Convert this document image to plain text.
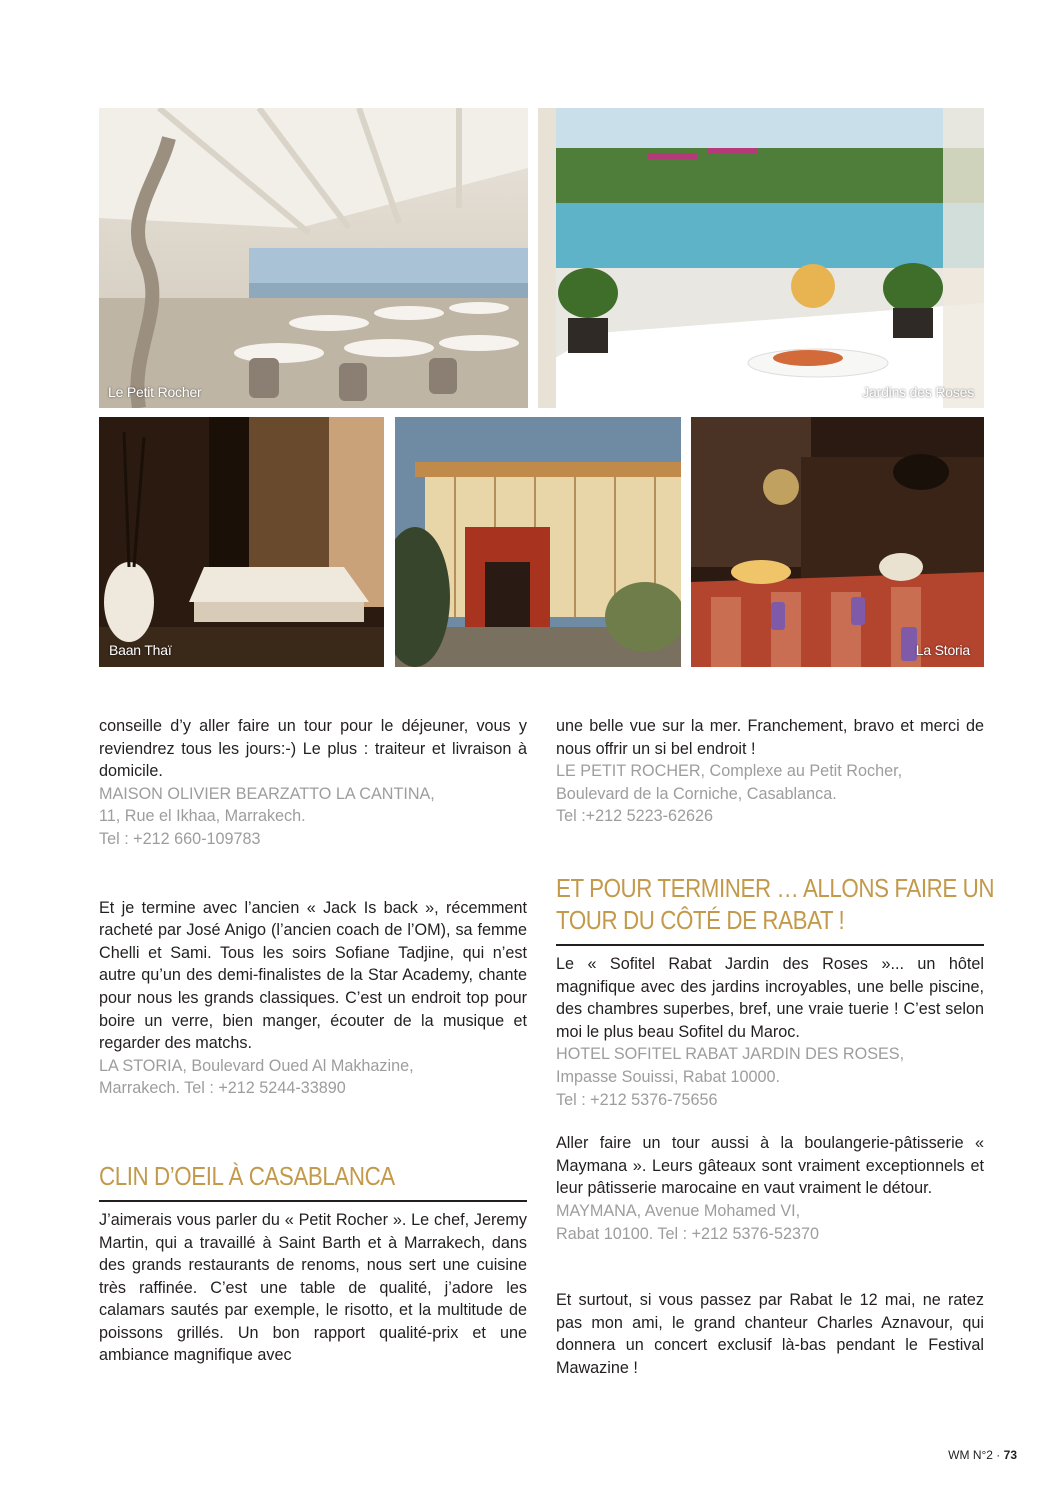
Le Petit Rocher	Jardins des Roses
Baan Thaï	La Storia

conseille d’y aller faire un tour pour le déjeuner, vous y reviendrez tous les jours:-) Le plus : traiteur et livraison à domicile.

MAISON OLIVIER BEARZATTO LA CANTINA,
11, Rue el Ikhaa, Marrakech.
Tel : +212 660-109783

Et je termine avec l’ancien « Jack Is back », récemment racheté par José Anigo (l’ancien coach de l’OM), sa femme Chelli et Sami. Tous les soirs Sofiane Tadjine, qui n’est autre qu’un des demi-finalistes de la Star Academy, chante pour nous les grands classiques. C’est un endroit top pour boire un verre, bien manger, écouter de la musique et regarder des matchs.

LA STORIA, Boulevard Oued Al Makhazine,
Marrakech. Tel : +212 5244-33890

CLIN D’OEIL À CASABLANCA

J’aimerais vous parler du « Petit Rocher ». Le chef, Jeremy Martin, qui a travaillé à Saint Barth et à Marrakech, dans des grands restaurants de renoms, nous sert une cuisine très raffinée. C’est une table de qualité, j’adore les calamars sautés par exemple, le risotto, et la multitude de poissons grillés. Un bon rapport qualité-prix et une ambiance magnifique avec

une belle vue sur la mer. Franchement, bravo et merci de nous offrir un si bel endroit !

LE PETIT ROCHER, Complexe au Petit Rocher,
Boulevard de la Corniche, Casablanca.
Tel :+212 5223-62626

ET POUR TERMINER … ALLONS FAIRE UN
TOUR DU CÔTÉ DE RABAT !

Le « Sofitel Rabat Jardin des Roses »... un hôtel magnifique avec des jardins incroyables, une belle piscine, des chambres superbes, bref, une vraie tuerie ! C’est selon moi le plus beau Sofitel du Maroc.

HOTEL SOFITEL RABAT JARDIN DES ROSES,
Impasse Souissi, Rabat 10000.
Tel : +212 5376-75656

Aller faire un tour aussi à la boulangerie-pâtisserie « Maymana ». Leurs gâteaux sont vraiment exceptionnels et leur pâtisserie marocaine en vaut vraiment le détour.

MAYMANA, Avenue Mohamed VI,
Rabat 10100. Tel : +212 5376-52370

Et surtout, si vous passez par Rabat le 12 mai, ne ratez pas mon ami, le grand chanteur Charles Aznavour, qui donnera un concert exclusif là-bas pendant le Festival Mawazine !

WM N°2 · 73
